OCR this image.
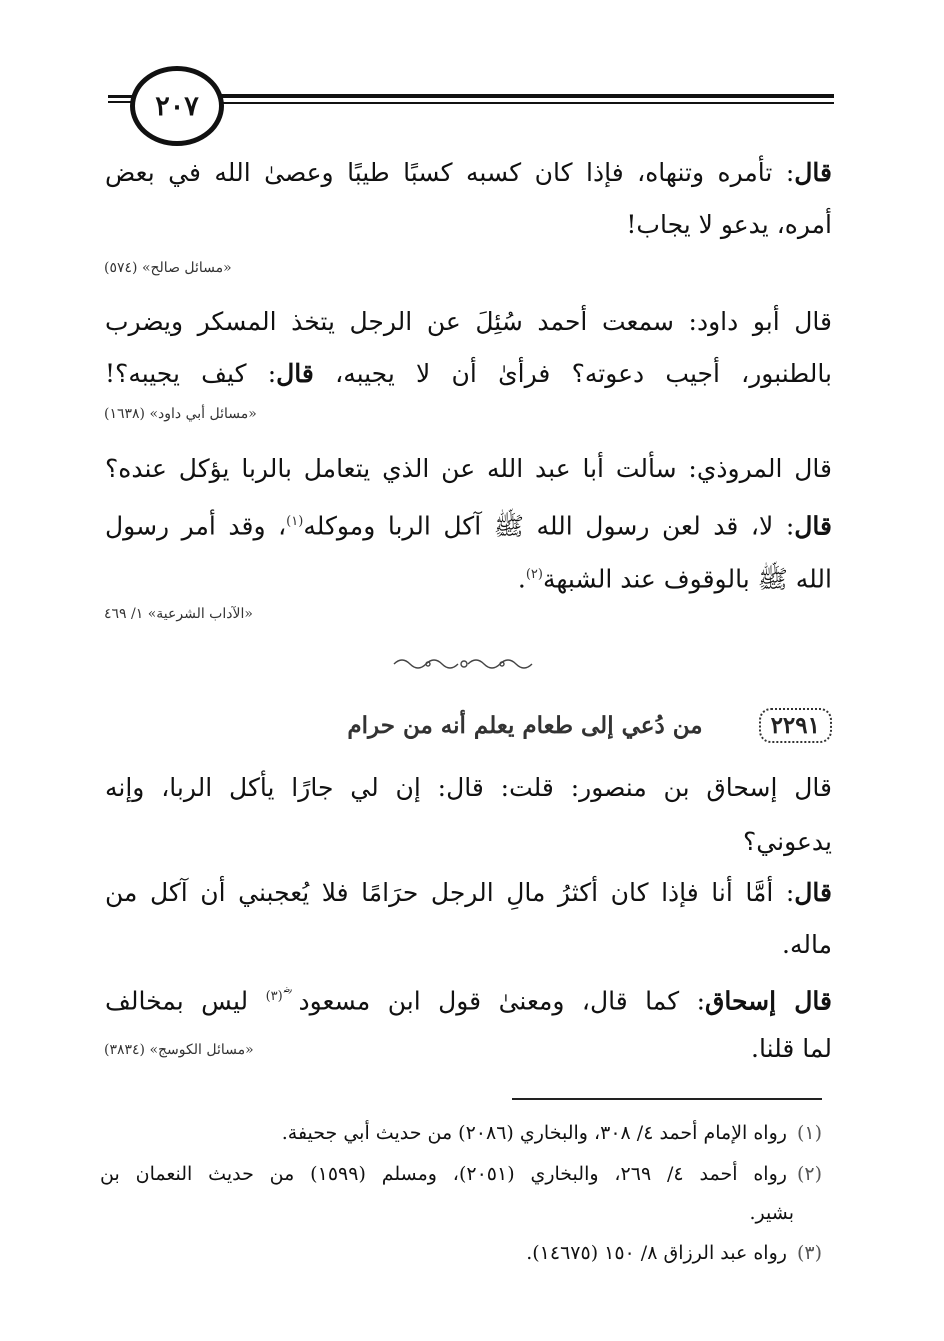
٢٠٧
قال: تأمره وتنهاه، فإذا كان كسبه كسبًا طيبًا وعصىٰ الله في بعض
أمره، يدعو لا يجاب!
«مسائل صالح» (٥٧٤)
قال أبو داود: سمعت أحمد سُئِلَ عن الرجل يتخذ المسكر ويضرب
بالطنبور، أجيب دعوته؟ فرأىٰ أن لا يجيبه، قال: كيف يجيبه؟!
«مسائل أبي داود» (١٦٣٨)
قال المروذي: سألت أبا عبد الله عن الذي يتعامل بالربا يؤكل عنده؟
قال: لا، قد لعن رسول الله ﷺ آكل الربا وموكله$^{(١)}$، وقد أمر رسول
الله ﷺ بالوقوف عند الشبهة$^{(٢)}$.
«الآداب الشرعية» ١/ ٤٦٩
٢٢٩١
من دُعي إلى طعام يعلم أنه من حرام
قال إسحاق بن منصور: قلت: قال: إن لي جارًا يأكل الربا، وإنه
يدعوني؟
قال: أمَّا أنا فإذا كان أكثرُ مالِ الرجل حرَامًا فلا يُعجبني أن آكل من
ماله.
قال إسحاق: كما قال، ومعنىٰ قول ابن مسعود ؓ$^{(٣)}$ ليس بمخالف
لما قلنا.
«مسائل الكوسج» (٣٨٣٤)
(١)رواه الإمام أحمد ٤/ ٣٠٨، والبخاري (٢٠٨٦) من حديث أبي جحيفة.
(٢)رواه أحمد ٤/ ٢٦٩، والبخاري (٢٠٥١)، ومسلم (١٥٩٩) من حديث النعمان بن
بشير.
(٣)رواه عبد الرزاق ٨/ ١٥٠ (١٤٦٧٥).
